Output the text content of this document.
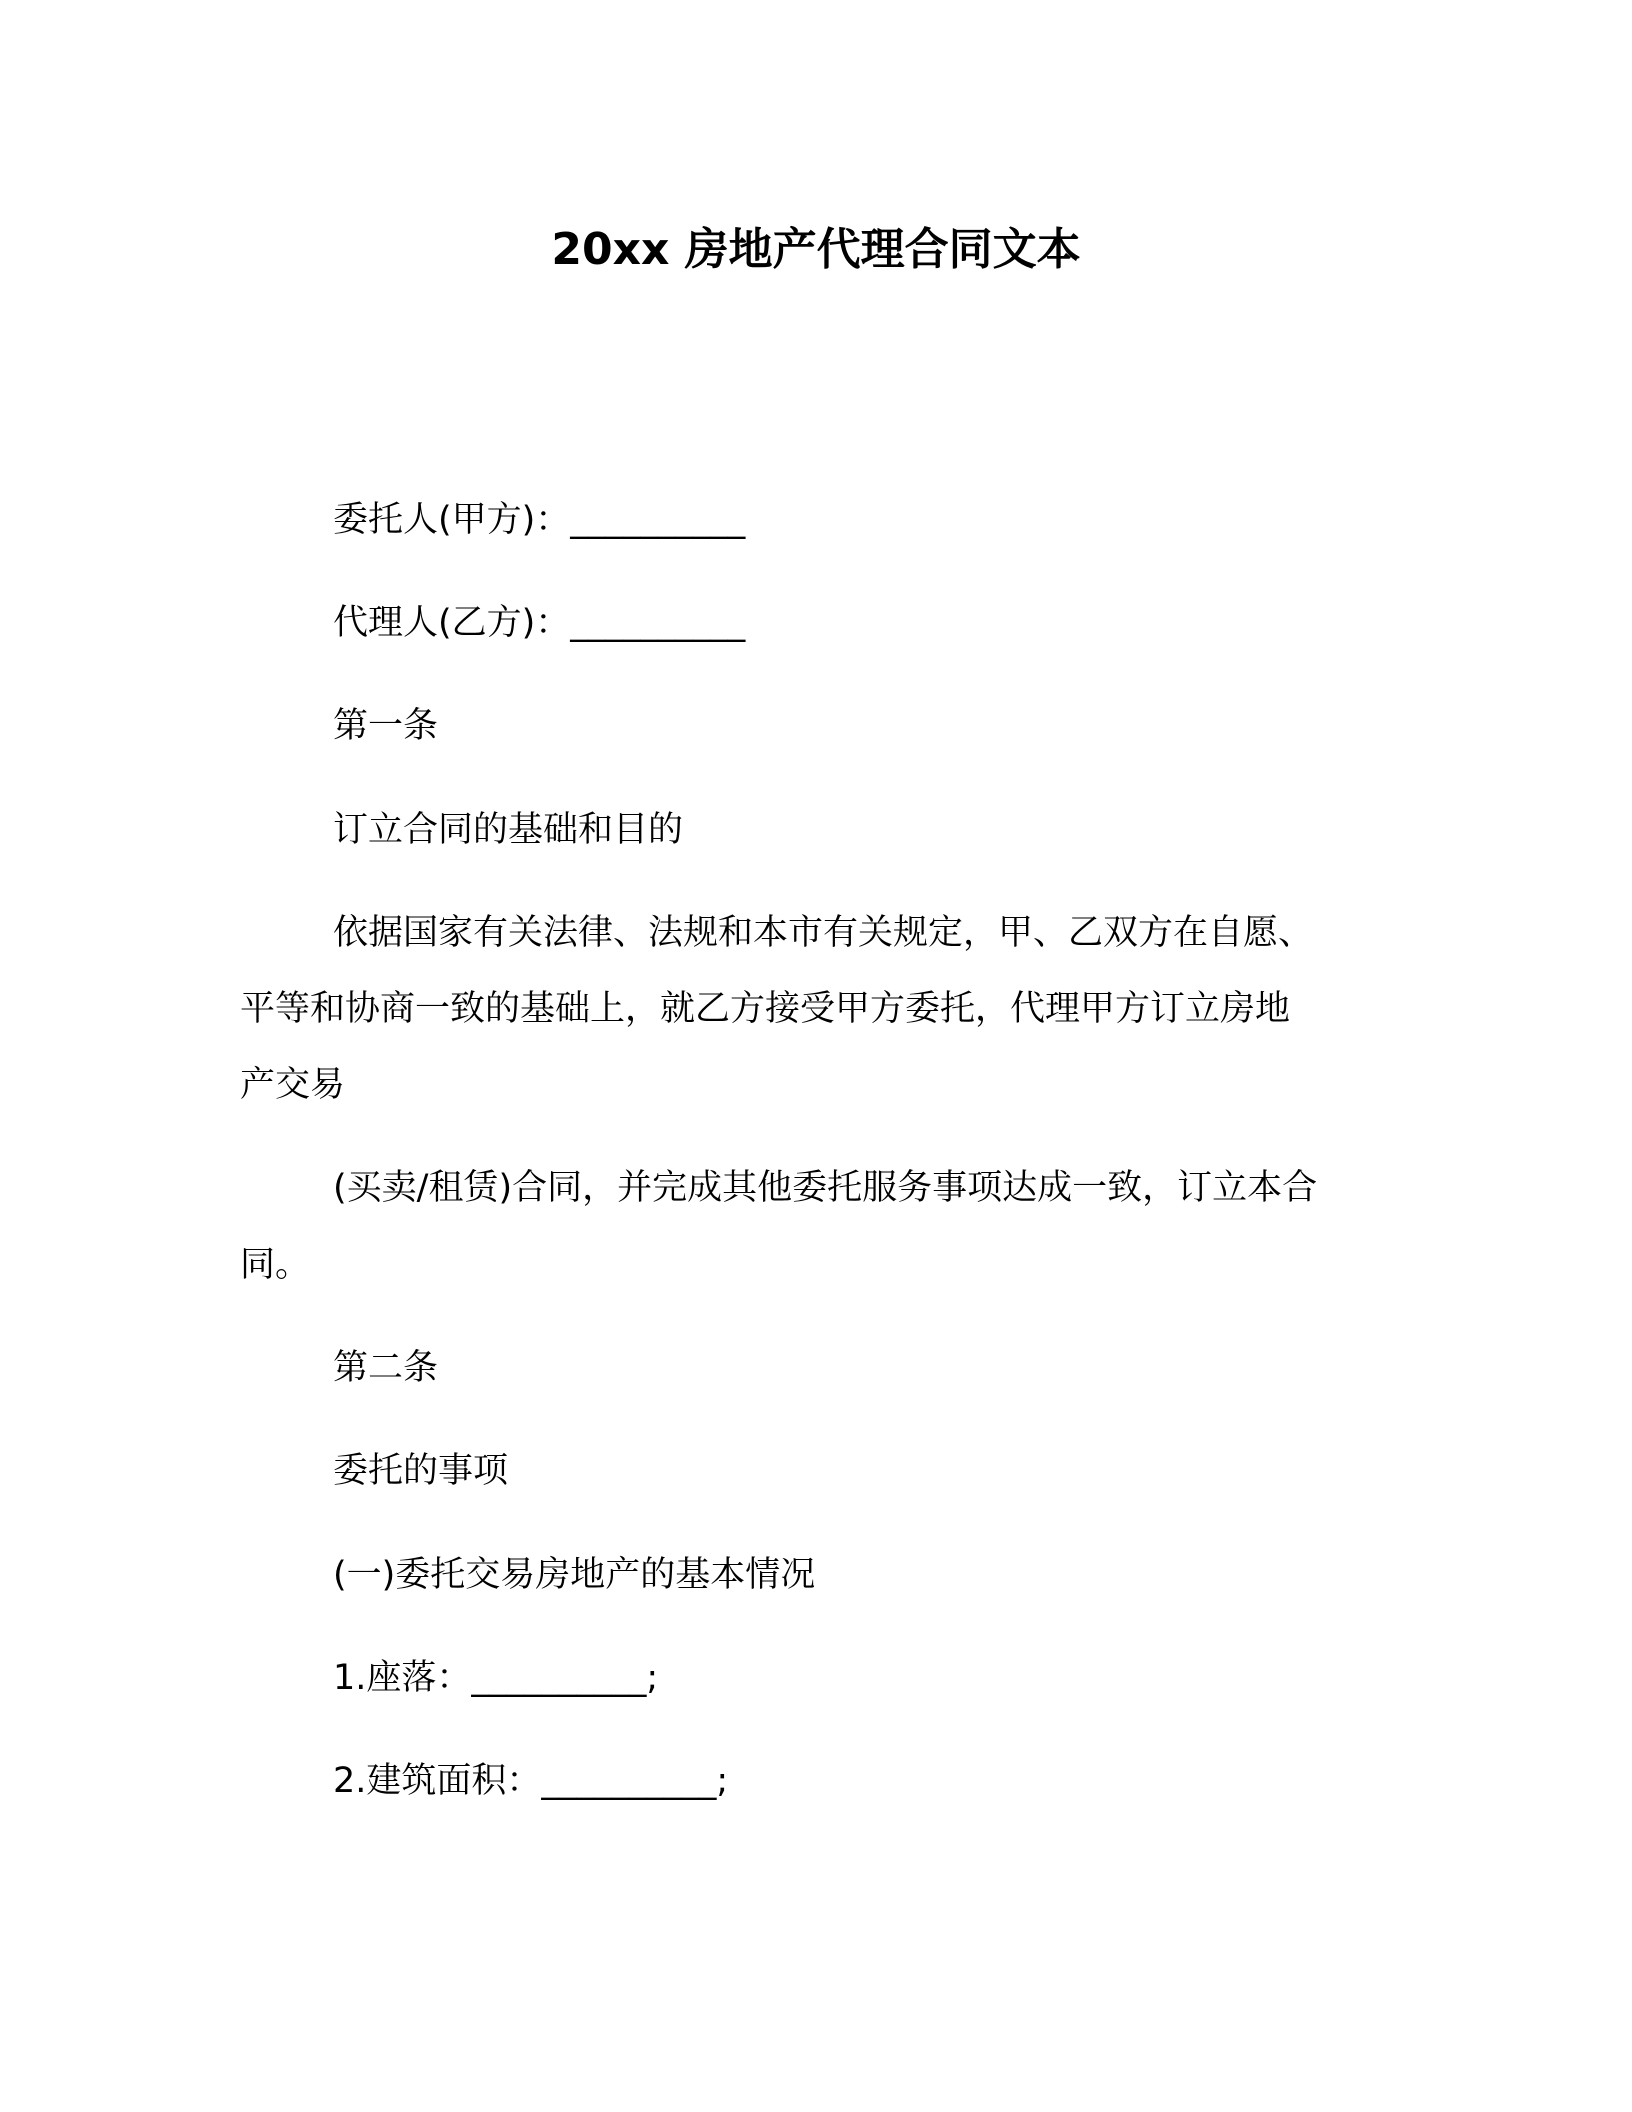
20xx 房地产代理合同文本

委托人(甲方)：__________

代理人(乙方)：__________

第一条

订立合同的基础和目的

依据国家有关法律、法规和本市有关规定，甲、乙双方在自愿、

平等和协商一致的基础上，就乙方接受甲方委托，代理甲方订立房地

产交易

(买卖/租赁)合同，并完成其他委托服务事项达成一致，订立本合

同。

第二条

委托的事项

(一)委托交易房地产的基本情况

1.座落：__________;

2.建筑面积：__________;
